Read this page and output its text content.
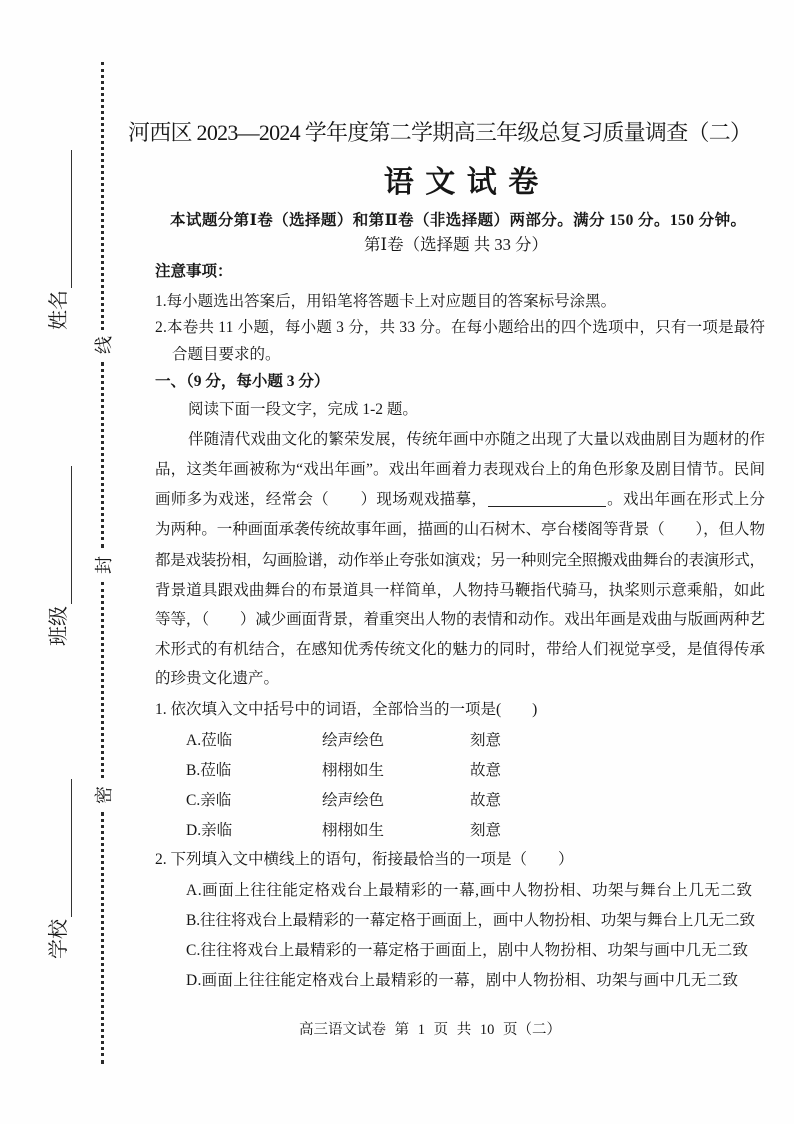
线
封
密
姓名
班级
学校
河西区 2023—2024 学年度第二学期高三年级总复习质量调查（二）
语 文 试 卷
本试题分第Ⅰ卷（选择题）和第Ⅱ卷（非选择题）两部分。满分 150 分。150 分钟。
第Ⅰ卷（选择题 共 33 分）
注意事项：
1.每小题选出答案后，用铅笔将答题卡上对应题目的答案标号涂黑。
2.本卷共 11 小题，每小题 3 分，共 33 分。在每小题给出的四个选项中，只有一项是最符
合题目要求的。
一、（9 分，每小题 3 分）
阅读下面一段文字，完成 1-2 题。
伴随清代戏曲文化的繁荣发展，传统年画中亦随之出现了大量以戏曲剧目为题材的作
品，这类年画被称为“戏出年画”。戏出年画着力表现戏台上的角色形象及剧目情节。民间
画师多为戏迷，经常会（　　）现场观戏描摹，	。戏出年画在形式上分
为两种。一种画面承袭传统故事年画，描画的山石树木、亭台楼阁等背景（　　），但人物
都是戏装扮相，勾画脸谱，动作举止夸张如演戏；另一种则完全照搬戏曲舞台的表演形式，
背景道具跟戏曲舞台的布景道具一样简单，人物持马鞭指代骑马，执桨则示意乘船，如此
等等，（　　）减少画面背景，着重突出人物的表情和动作。戏出年画是戏曲与版画两种艺
术形式的有机结合，在感知优秀传统文化的魅力的同时，带给人们视觉享受，是值得传承
的珍贵文化遗产。
1. 依次填入文中括号中的词语，全部恰当的一项是(　　)
A.莅临	绘声绘色	刻意
B.莅临	栩栩如生	故意
C.亲临	绘声绘色	故意
D.亲临	栩栩如生	刻意
2. 下列填入文中横线上的语句，衔接最恰当的一项是（　　）
A.画面上往往能定格戏台上最精彩的一幕,画中人物扮相、功架与舞台上几无二致
B.往往将戏台上最精彩的一幕定格于画面上，画中人物扮相、功架与舞台上几无二致
C.往往将戏台上最精彩的一幕定格于画面上，剧中人物扮相、功架与画中几无二致
D.画面上往往能定格戏台上最精彩的一幕，剧中人物扮相、功架与画中几无二致
高三语文试卷 第 1 页 共 10 页（二）
